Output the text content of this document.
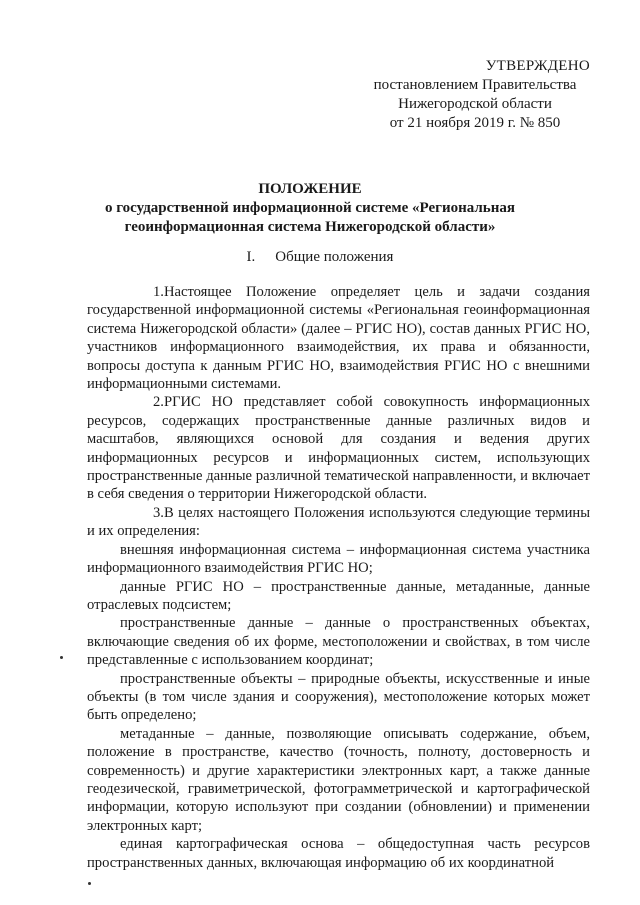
УТВЕРЖДЕНО
постановлением Правительства
Нижегородской области
от 21 ноября 2019 г. № 850
ПОЛОЖЕНИЕ
о государственной информационной системе «Региональная
геоинформационная система Нижегородской области»
I. Общие положения

1.Настоящее Положение определяет цель и задачи создания государственной информационной системы «Региональная геоинформационная система Нижегородской области» (далее – РГИС НО), состав данных РГИС НО, участников информационного взаимодействия, их права и обязанности, вопросы доступа к данным РГИС НО, взаимодействия РГИС НО с внешними информационными системами.

2.РГИС НО представляет собой совокупность информационных ресурсов, содержащих пространственные данные различных видов и масштабов, являющихся основой для создания и ведения других информационных ресурсов и информационных систем, использующих пространственные данные различной тематической направленности, и включает в себя сведения о территории Нижегородской области.

3.В целях настоящего Положения используются следующие термины и их определения:

внешняя информационная система – информационная система участника информационного взаимодействия РГИС НО;

данные РГИС НО – пространственные данные, метаданные, данные отраслевых подсистем;

пространственные данные – данные о пространственных объектах, включающие сведения об их форме, местоположении и свойствах, в том числе представленные с использованием координат;

пространственные объекты – природные объекты, искусственные и иные объекты (в том числе здания и сооружения), местоположение которых может быть определено;

метаданные – данные, позволяющие описывать содержание, объем, положение в пространстве, качество (точность, полноту, достоверность и современность) и другие характеристики электронных карт, а также данные геодезической, гравиметрической, фотограмметрической и картографической информации, которую используют при создании (обновлении) и применении электронных карт;

единая картографическая основа – общедоступная часть ресурсов пространственных данных, включающая информацию об их координатной
